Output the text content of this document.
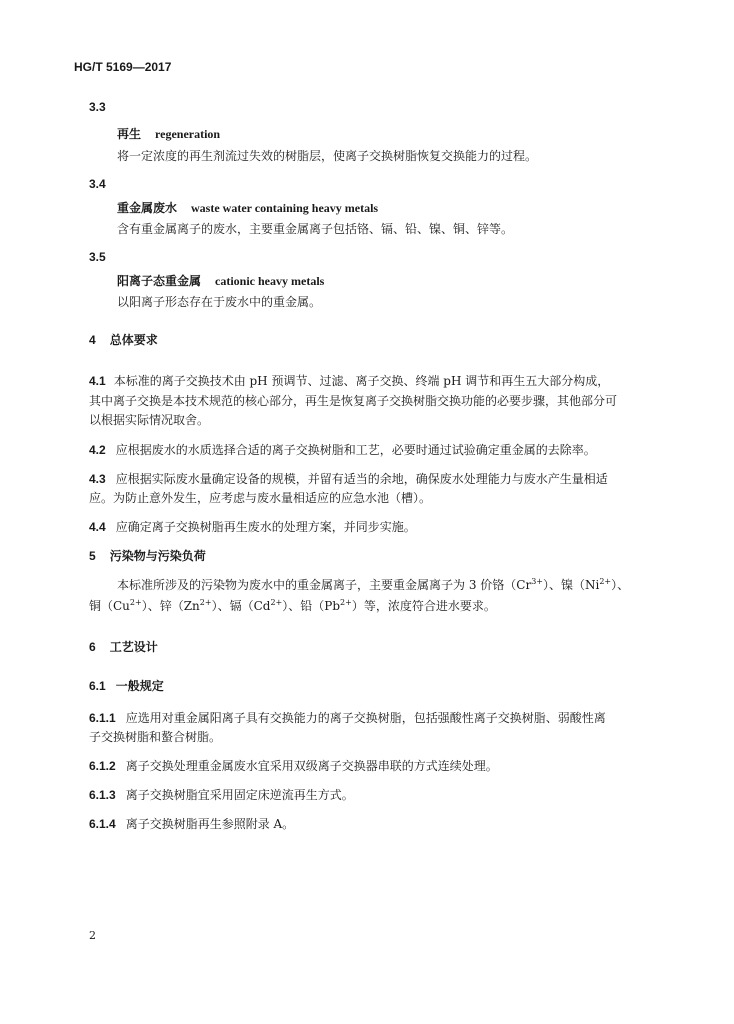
HG/T 5169—2017
3.3
再生 regeneration
将一定浓度的再生剂流过失效的树脂层，使离子交换树脂恢复交换能力的过程。
3.4
重金属废水 waste water containing heavy metals
含有重金属离子的废水，主要重金属离子包括铬、镉、铅、镍、铜、锌等。
3.5
阳离子态重金属 cationic heavy metals
以阳离子形态存在于废水中的重金属。
4 总体要求
4.1 本标准的离子交换技术由 pH 预调节、过滤、离子交换、终端 pH 调节和再生五大部分构成，
其中离子交换是本技术规范的核心部分，再生是恢复离子交换树脂交换功能的必要步骤，其他部分可
以根据实际情况取舍。
4.2 应根据废水的水质选择合适的离子交换树脂和工艺，必要时通过试验确定重金属的去除率。
4.3 应根据实际废水量确定设备的规模，并留有适当的余地，确保废水处理能力与废水产生量相适
应。为防止意外发生，应考虑与废水量相适应的应急水池（槽）。
4.4 应确定离子交换树脂再生废水的处理方案，并同步实施。
5 污染物与污染负荷
本标准所涉及的污染物为废水中的重金属离子，主要重金属离子为 3 价铬$(Cr^{3+})$、镍$(Ni^{2+})$、
铜$(Cu^{2+})$、锌$(Zn^{2+})$、镉$(Cd^{2+})$、铅$(Pb^{2+})$等，浓度符合进水要求。
6 工艺设计
6.1 一般规定
6.1.1 应选用对重金属阳离子具有交换能力的离子交换树脂，包括强酸性离子交换树脂、弱酸性离
子交换树脂和螯合树脂。
6.1.2 离子交换处理重金属废水宜采用双级离子交换器串联的方式连续处理。
6.1.3 离子交换树脂宜采用固定床逆流再生方式。
6.1.4 离子交换树脂再生参照附录 A。
2
